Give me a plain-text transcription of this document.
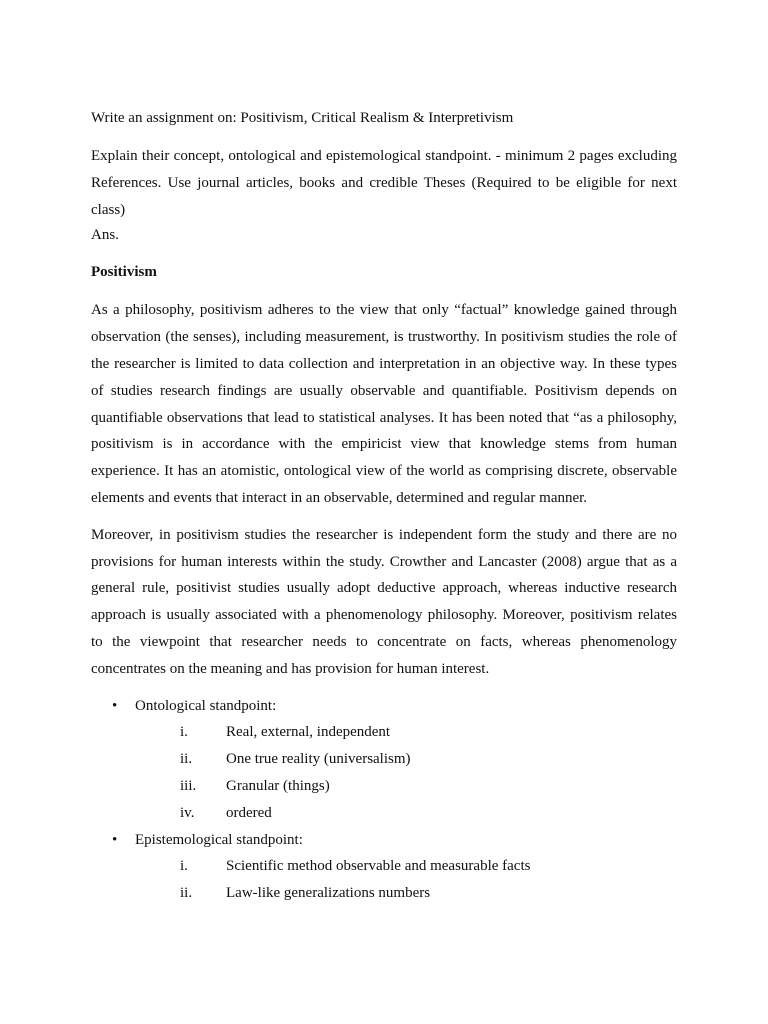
Write an assignment on: Positivism, Critical Realism & Interpretivism

Explain their concept, ontological and epistemological standpoint. - minimum 2 pages excluding References. Use journal articles, books and credible Theses (Required to be eligible for next class)

Ans.

Positivism

As a philosophy, positivism adheres to the view that only “factual” knowledge gained through observation (the senses), including measurement, is trustworthy. In positivism studies the role of the researcher is limited to data collection and interpretation in an objective way. In these types of studies research findings are usually observable and quantifiable. Positivism depends on quantifiable observations that lead to statistical analyses. It has been noted that “as a philosophy, positivism is in accordance with the empiricist view that knowledge stems from human experience. It has an atomistic, ontological view of the world as comprising discrete, observable elements and events that interact in an observable, determined and regular manner.

Moreover, in positivism studies the researcher is independent form the study and there are no provisions for human interests within the study. Crowther and Lancaster (2008) argue that as a general rule, positivist studies usually adopt deductive approach, whereas inductive research approach is usually associated with a phenomenology philosophy. Moreover, positivism relates to the viewpoint that researcher needs to concentrate on facts, whereas phenomenology concentrates on the meaning and has provision for human interest.

• Ontological standpoint:
i.	Real, external, independent
ii. One true reality (universalism)
iii. Granular (things)
iv. ordered
• Epistemological standpoint:
i.	Scientific method observable and measurable facts
ii. Law-like generalizations numbers
